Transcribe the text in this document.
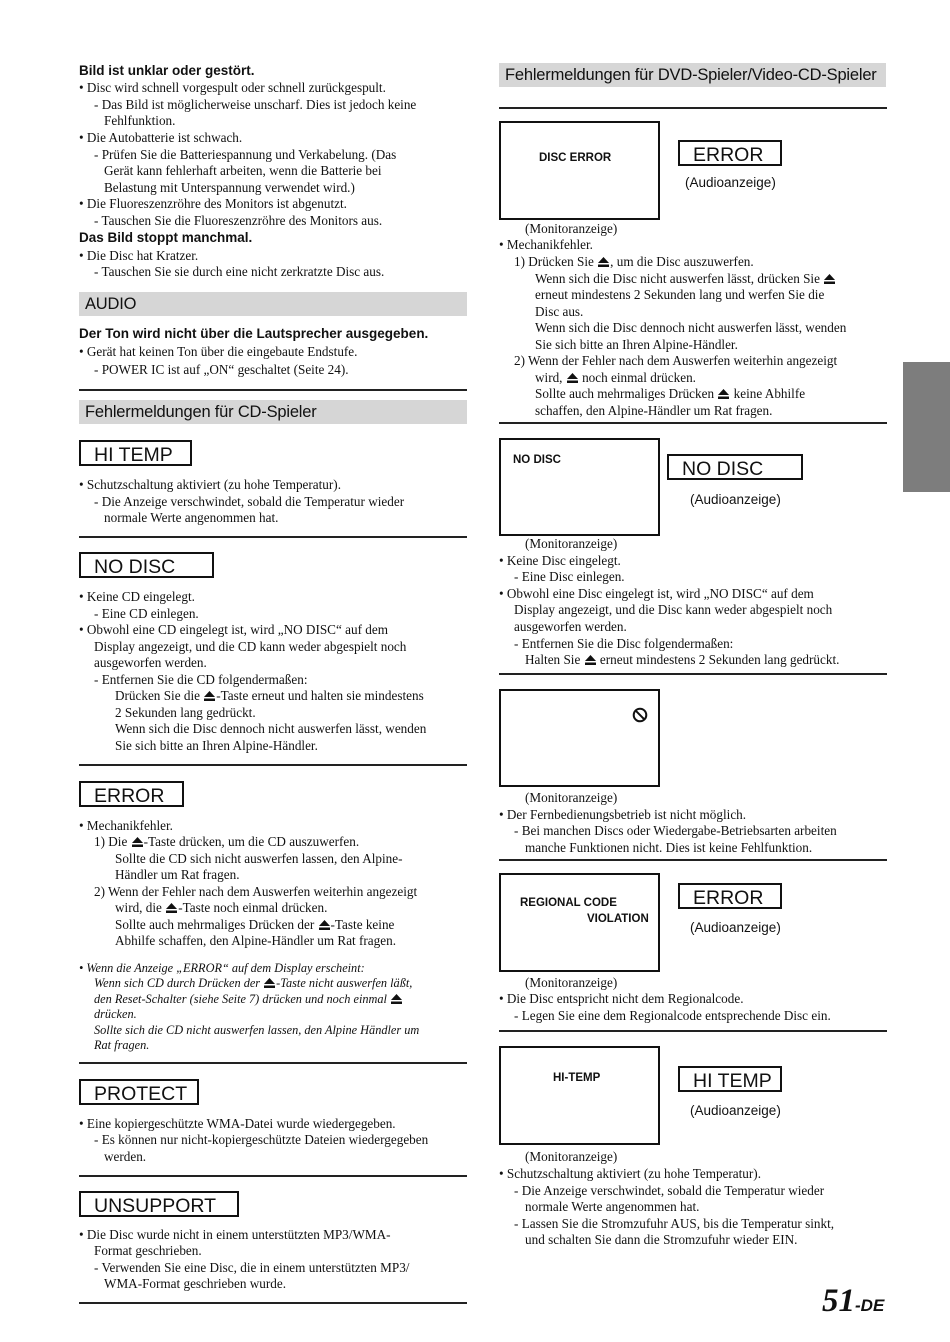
Bild ist unklar oder gestört.
• Disc wird schnell vorgespult oder schnell zurückgespult.
- Das Bild ist möglicherweise unscharf. Dies ist jedoch keine
Fehlfunktion.
• Die Autobatterie ist schwach.
- Prüfen Sie die Batteriespannung und Verkabelung. (Das
Gerät kann fehlerhaft arbeiten, wenn die Batterie bei
Belastung mit Unterspannung verwendet wird.)
• Die Fluoreszenzröhre des Monitors ist abgenutzt.
- Tauschen Sie die Fluoreszenzröhre des Monitors aus.
Das Bild stoppt manchmal.
• Die Disc hat Kratzer.
- Tauschen Sie sie durch eine nicht zerkratzte Disc aus.
AUDIO
Der Ton wird nicht über die Lautsprecher ausgegeben.
• Gerät hat keinen Ton über die eingebaute Endstufe.
- POWER IC ist auf „ON“ geschaltet (Seite 24).
Fehlermeldungen für CD-Spieler
HI TEMP
• Schutzschaltung aktiviert (zu hohe Temperatur).
- Die Anzeige verschwindet, sobald die Temperatur wieder
normale Werte angenommen hat.
NO DISC
• Keine CD eingelegt.
- Eine CD einlegen.
• Obwohl eine CD eingelegt ist, wird „NO DISC“ auf dem
Display angezeigt, und die CD kann weder abgespielt noch
ausgeworfen werden.
- Entfernen Sie die CD folgendermaßen:
Drücken Sie die -Taste erneut und halten sie mindestens
2 Sekunden lang gedrückt.
Wenn sich die Disc dennoch nicht auswerfen lässt, wenden
Sie sich bitte an Ihren Alpine-Händler.
ERROR
• Mechanikfehler.
1) Die -Taste drücken, um die CD auszuwerfen.
Sollte die CD sich nicht auswerfen lassen, den Alpine-
Händler um Rat fragen.
2) Wenn der Fehler nach dem Auswerfen weiterhin angezeigt
wird, die -Taste noch einmal drücken.
Sollte auch mehrmaliges Drücken der -Taste keine
Abhilfe schaffen, den Alpine-Händler um Rat fragen.
• Wenn die Anzeige „ERROR“ auf dem Display erscheint:
Wenn sich CD durch Drücken der -Taste nicht auswerfen läßt,
den Reset-Schalter (siehe Seite 7) drücken und noch einmal
drücken.
Sollte sich die CD nicht auswerfen lassen, den Alpine Händler um
Rat fragen.
PROTECT
• Eine kopiergeschützte WMA-Datei wurde wiedergegeben.
- Es können nur nicht-kopiergeschützte Dateien wiedergegeben
werden.
UNSUPPORT
• Die Disc wurde nicht in einem unterstützten MP3/WMA-
Format geschrieben.
- Verwenden Sie eine Disc, die in einem unterstützten MP3/
WMA-Format geschrieben wurde.
Fehlermeldungen für DVD-Spieler/Video-CD-Spieler
DISC ERROR	ERROR
(Audioanzeige)
(Monitoranzeige)
• Mechanikfehler.
1) Drücken Sie , um die Disc auszuwerfen.
Wenn sich die Disc nicht auswerfen lässt, drücken Sie
erneut mindestens 2 Sekunden lang und werfen Sie die
Disc aus.
Wenn sich die Disc dennoch nicht auswerfen lässt, wenden
Sie sich bitte an Ihren Alpine-Händler.
2) Wenn der Fehler nach dem Auswerfen weiterhin angezeigt
wird,  noch einmal drücken.
Sollte auch mehrmaliges Drücken  keine Abhilfe
schaffen, den Alpine-Händler um Rat fragen.
NO DISC	NO DISC
(Audioanzeige)
(Monitoranzeige)
• Keine Disc eingelegt.
- Eine Disc einlegen.
• Obwohl eine Disc eingelegt ist, wird „NO DISC“ auf dem
Display angezeigt, und die Disc kann weder abgespielt noch
ausgeworfen werden.
- Entfernen Sie die Disc folgendermaßen:
Halten Sie  erneut mindestens 2 Sekunden lang gedrückt.
(Monitoranzeige)
• Der Fernbedienungsbetrieb ist nicht möglich.
- Bei manchen Discs oder Wiedergabe-Betriebsarten arbeiten
manche Funktionen nicht. Dies ist keine Fehlfunktion.
REGIONAL CODE
VIOLATION
ERROR
(Audioanzeige)
(Monitoranzeige)
• Die Disc entspricht nicht dem Regionalcode.
- Legen Sie eine dem Regionalcode entsprechende Disc ein.
HI-TEMP	HI TEMP
(Audioanzeige)
(Monitoranzeige)
• Schutzschaltung aktiviert (zu hohe Temperatur).
- Die Anzeige verschwindet, sobald die Temperatur wieder
normale Werte angenommen hat.
- Lassen Sie die Stromzufuhr AUS, bis die Temperatur sinkt,
und schalten Sie dann die Stromzufuhr wieder EIN.
51-DE
